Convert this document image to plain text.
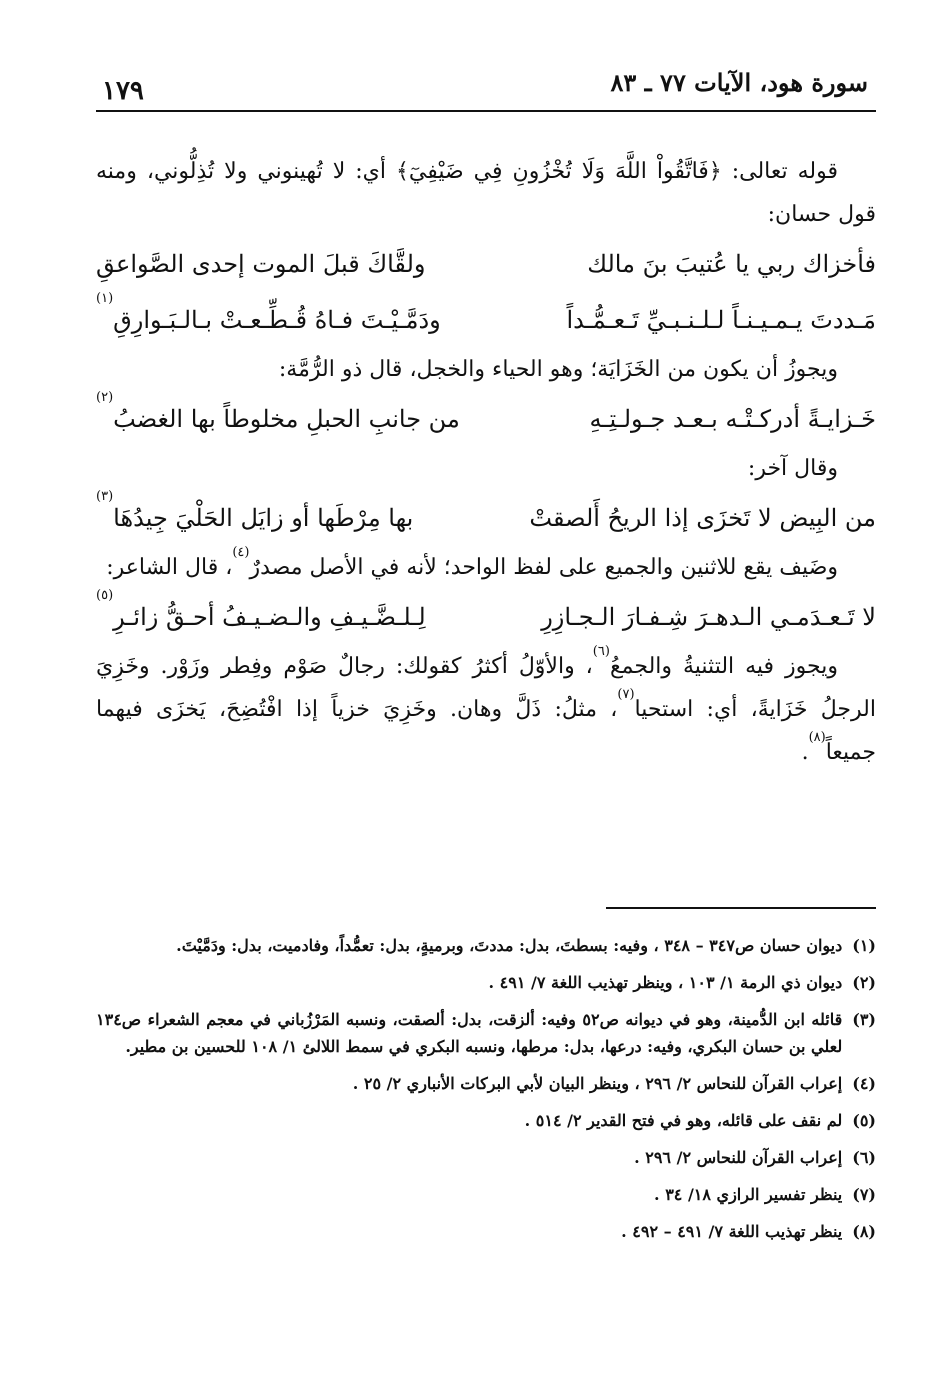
سورة هود، الآيات ٧٧ ـ ٨٣
١٧٩

قوله تعالى: ﴿فَاتَّقُواْ اللَّهَ وَلَا تُخْزُونِ فِي ضَيْفِيٓ﴾ أي: لا تُهينوني ولا تُذِلُّوني، ومنه قول حسان:

فأخزاك ربي يا عُتيبَ بنَ مالك
ولقَّاكَ قبلَ الموت إحدى الصَّواعقِ
مَـددتَ يـمـيـنـاً لـلـنـبـيِّ تَـعـمُّـداً
ودَمَّـيْـتَ فـاهُ قُـطِّـعـتْ بـالـبَـوارِقِ$^{(١)}$

ويجوزُ أن يكون من الخَزَايَة؛ وهو الحياء والخجل، قال ذو الرُّمَّة:

خَـزايـةً أدركـتْـه بـعـد جـولـتِـهِ
من جانبِ الحبلِ مخلوطاً بها الغضبُ$^{(٢)}$

وقال آخر:

من البِيض لا تَخزَى إذا الريحُ أَلصقتْ
بها مِرْطَها أو زايَل الحَلْيَ جِيدُهَا$^{(٣)}$

وضَيف يقع للاثنين والجميع على لفظ الواحد؛ لأنه في الأصل مصدرٌ$^{(٤)}$، قال الشاعر:

لا تَـعـدَمـي الـدهـرَ شِـفـارَ الـجـازِرِ
لِـلـضَّـيـفِ والـضـيـفُ أحـقُّ زائـرِ$^{(٥)}$

ويجوز فيه التثنيةُ والجمعُ$^{(٦)}$، والأوّلُ أكثرُ كقولك: رجالٌ صَوْم وفِطر وزَوْر. وخَزِيَ الرجلُ خَزَايةً، أي: استحيا$^{(٧)}$، مثلُ: ذَلَّ وهان. وخَزِيَ خزياً إذا افْتُضِحَ، يَخزَى فيهما جميعاً$^{(٨)}$.

(١)
ديوان حسان ص٣٤٧ – ٣٤٨ ، وفيه: بسطتَ، بدل: مددتَ، وبرميةٍ، بدل: تعمُّداً، وفادميت، بدل: ودَمَّيْتَ.
(٢)
ديوان ذي الرمة ١/ ١٠٣ ، وينظر تهذيب اللغة ٧/ ٤٩١ .
(٣)
قائله ابن الدُّمينة، وهو في ديوانه ص٥٢ وفيه: ألزقت، بدل: ألصقت، ونسبه المَرْزُباني في معجم الشعراء ص١٣٤ لعلي بن حسان البكري، وفيه: درعها، بدل: مرطها، ونسبه البكري في سمط اللالئ ١/ ١٠٨ للحسين بن مطير.
(٤)
إعراب القرآن للنحاس ٢/ ٢٩٦ ، وينظر البيان لأبي البركات الأنباري ٢/ ٢٥ .
(٥)
لم نقف على قائله، وهو في فتح القدير ٢/ ٥١٤ .
(٦)
إعراب القرآن للنحاس ٢/ ٢٩٦ .
(٧)
ينظر تفسير الرازي ١٨/ ٣٤ .
(٨)
ينظر تهذيب اللغة ٧/ ٤٩١ – ٤٩٢ .
